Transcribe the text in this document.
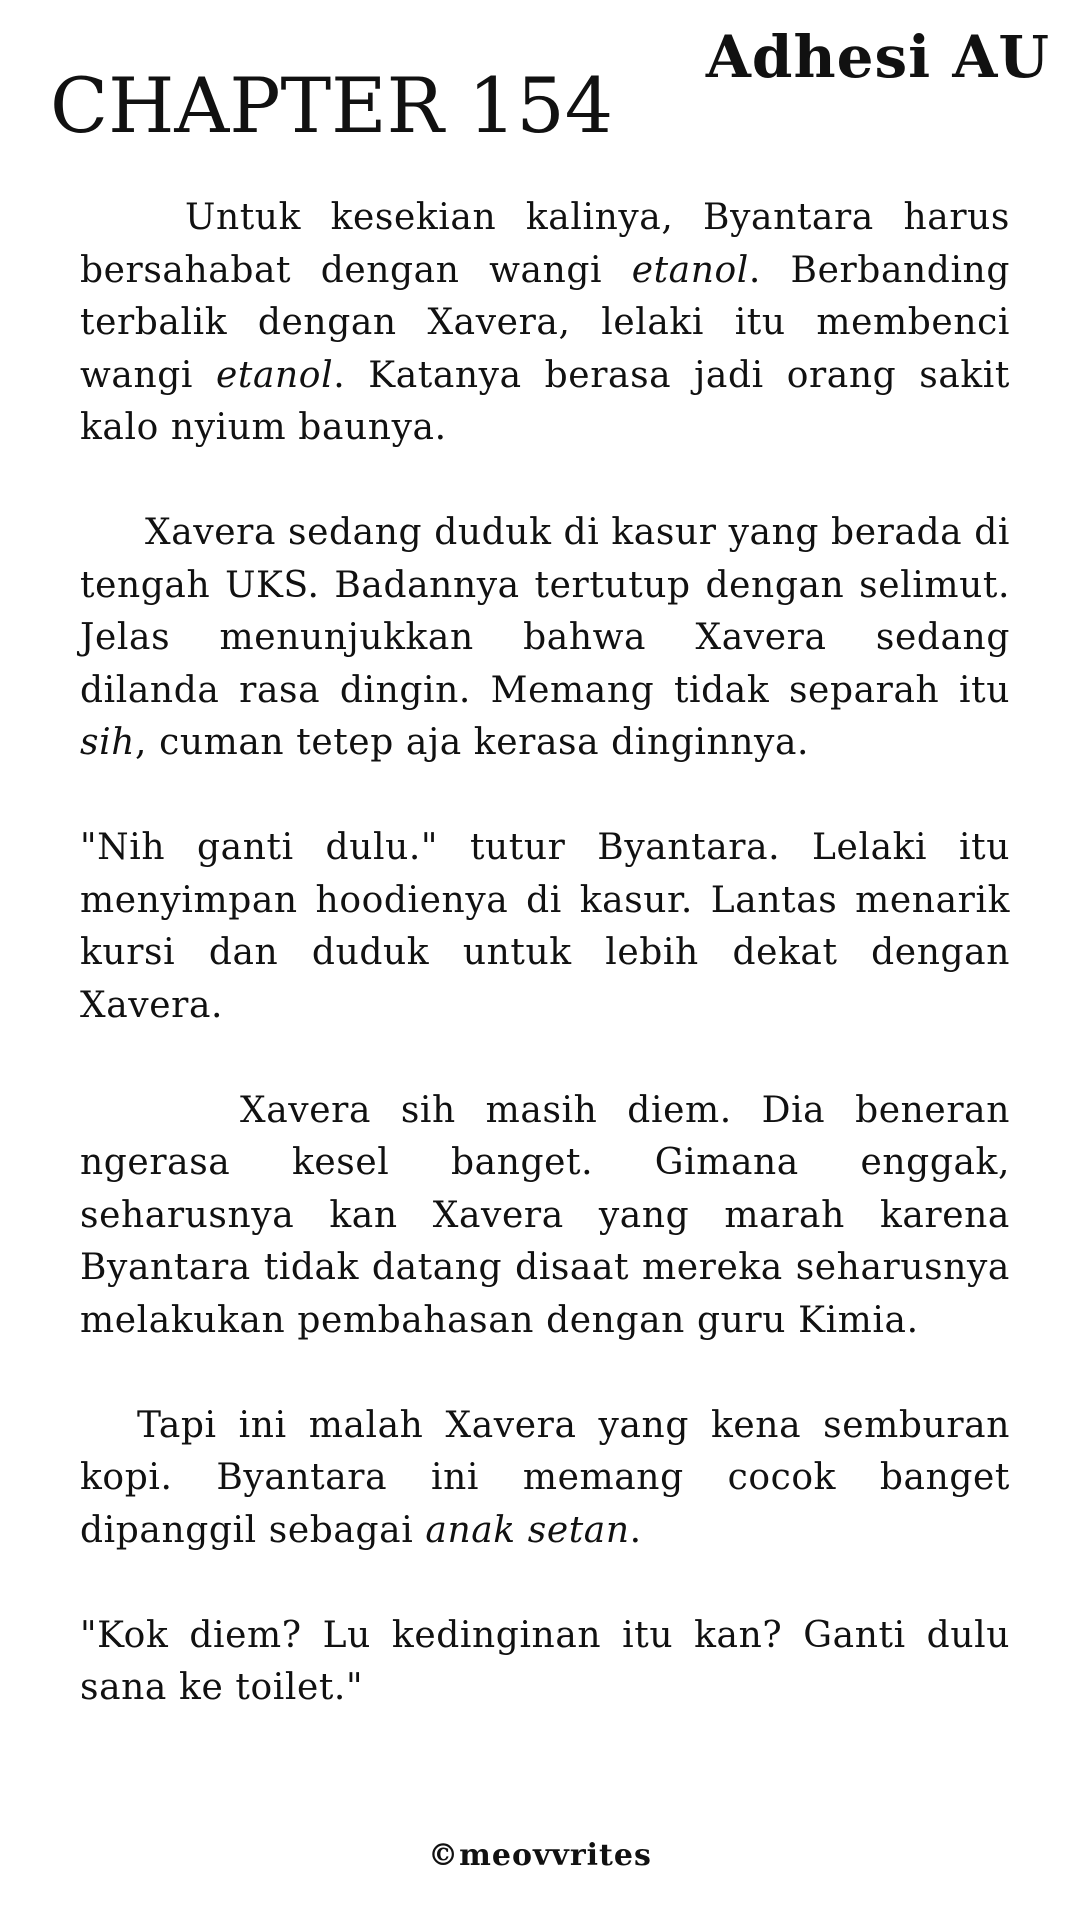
Adhesi AU
CHAPTER 154

Untuk kesekian kalinya, Byantara harus bersahabat dengan wangi etanol. Berbanding terbalik dengan Xavera, lelaki itu membenci wangi etanol. Katanya berasa jadi orang sakit kalo nyium baunya.

Xavera sedang duduk di kasur yang berada di tengah UKS. Badannya tertutup dengan selimut. Jelas menunjukkan bahwa Xavera sedang dilanda rasa dingin. Memang tidak separah itu sih, cuman tetep aja kerasa dinginnya.

"Nih ganti dulu." tutur Byantara. Lelaki itu menyimpan hoodienya di kasur. Lantas menarik kursi dan duduk untuk lebih dekat dengan Xavera.

Xavera sih masih diem. Dia beneran ngerasa kesel banget. Gimana enggak, seharusnya kan Xavera yang marah karena Byantara tidak datang disaat mereka seharusnya melakukan pembahasan dengan guru Kimia.

Tapi ini malah Xavera yang kena semburan kopi. Byantara ini memang cocok banget dipanggil sebagai anak setan.

"Kok diem? Lu kedinginan itu kan? Ganti dulu sana ke toilet."

©meovvrites
